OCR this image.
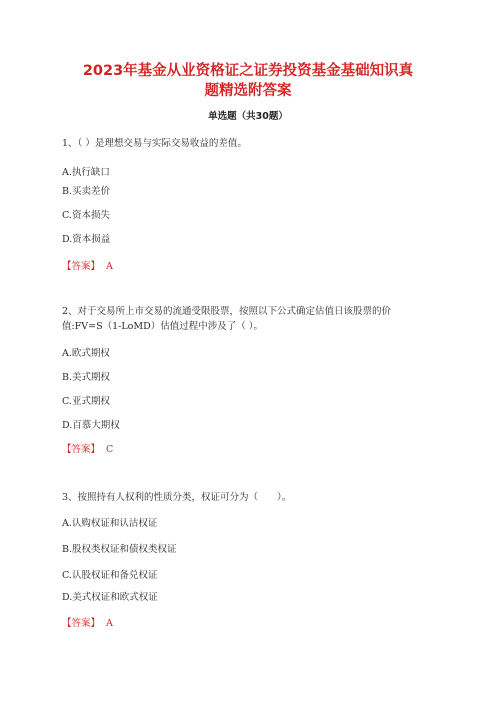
2023年基金从业资格证之证券投资基金基础知识真
题精选附答案
单选题（共30题）
1、（ ）是理想交易与实际交易收益的差值。
A.执行缺口
B.买卖差价
C.资本损失
D.资本损益
【答案】 A
2、对于交易所上市交易的流通受限股票，按照以下公式确定估值日该股票的价
值:FV=S（1-LoMD）估值过程中涉及了（ ）。
A.欧式期权
B.美式期权
C.亚式期权
D.百慕大期权
【答案】 C
3、按照持有人权利的性质分类，权证可分为（　　）。
A.认购权证和认沽权证
B.股权类权证和债权类权证
C.认股权证和备兑权证
D.美式权证和欧式权证
【答案】 A
